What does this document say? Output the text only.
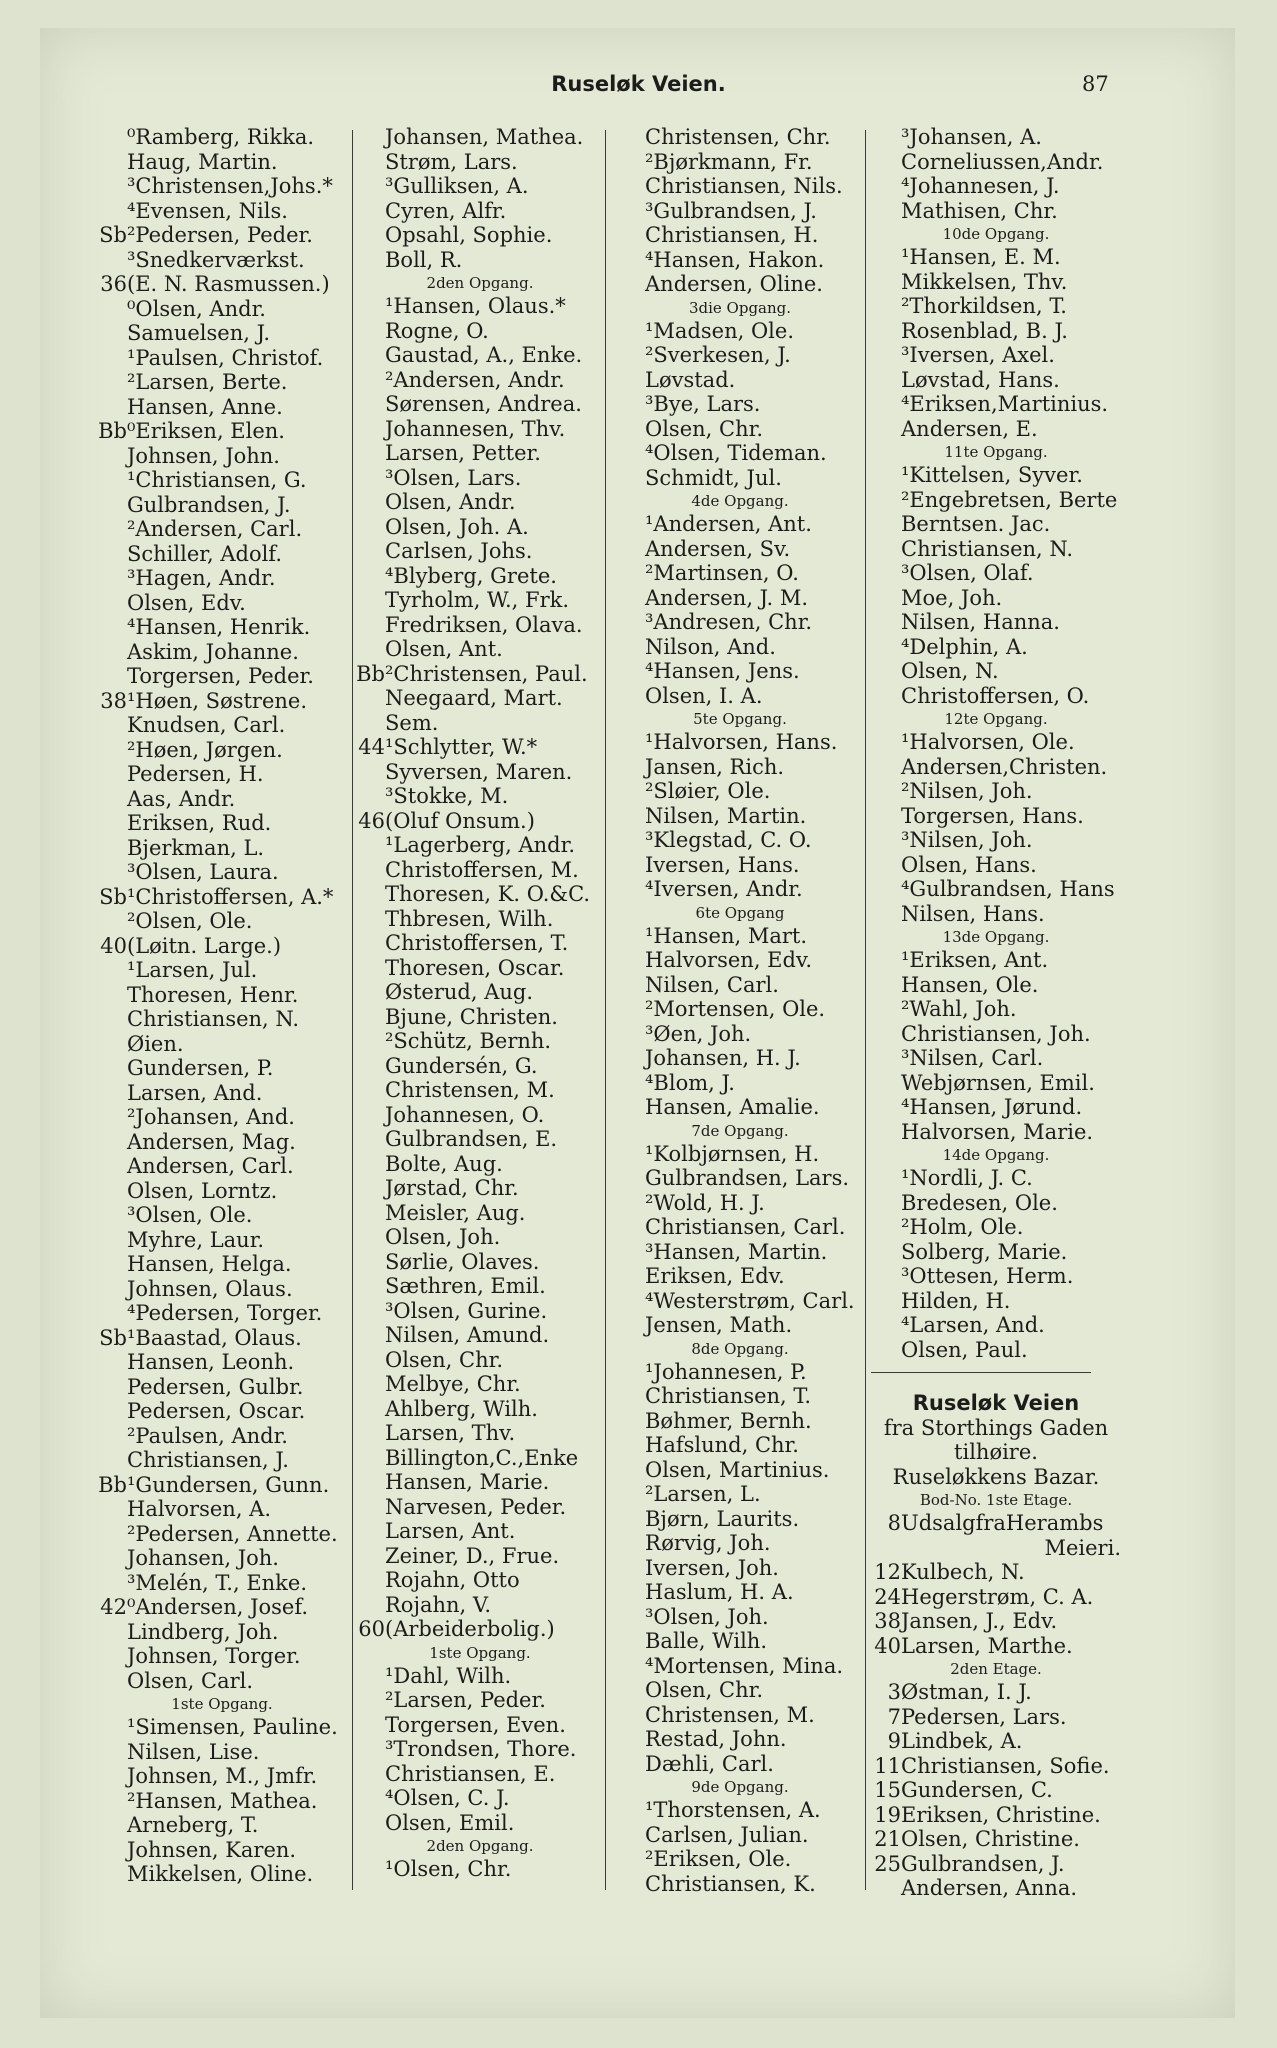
Ruseløk Veien.	87
⁰Ramberg, Rikka.
Haug, Martin.
³Christensen,Johs.*
⁴Evensen, Nils.
Sb²Pedersen, Peder.
³Snedkerværkst.
36(E. N. Rasmussen.)
⁰Olsen, Andr.
Samuelsen, J.
¹Paulsen, Christof.
²Larsen, Berte.
Hansen, Anne.
Bb⁰Eriksen, Elen.
Johnsen, John.
¹Christiansen, G.
Gulbrandsen, J.
²Andersen, Carl.
Schiller, Adolf.
³Hagen, Andr.
Olsen, Edv.
⁴Hansen, Henrik.
Askim, Johanne.
Torgersen, Peder.
38¹Høen, Søstrene.
Knudsen, Carl.
²Høen, Jørgen.
Pedersen, H.
Aas, Andr.
Eriksen, Rud.
Bjerkman, L.
³Olsen, Laura.
Sb¹Christoffersen, A.*
²Olsen, Ole.
40(Løitn. Large.)
¹Larsen, Jul.
Thoresen, Henr.
Christiansen, N.
Øien.
Gundersen, P.
Larsen, And.
²Johansen, And.
Andersen, Mag.
Andersen, Carl.
Olsen, Lorntz.
³Olsen, Ole.
Myhre, Laur.
Hansen, Helga.
Johnsen, Olaus.
⁴Pedersen, Torger.
Sb¹Baastad, Olaus.
Hansen, Leonh.
Pedersen, Gulbr.
Pedersen, Oscar.
²Paulsen, Andr.
Christiansen, J.
Bb¹Gundersen, Gunn.
Halvorsen, A.
²Pedersen, Annette.
Johansen, Joh.
³Melén, T., Enke.
42⁰Andersen, Josef.
Lindberg, Joh.
Johnsen, Torger.
Olsen, Carl.
1ste Opgang.
¹Simensen, Pauline.
Nilsen, Lise.
Johnsen, M., Jmfr.
²Hansen, Mathea.
Arneberg, T.
Johnsen, Karen.
Mikkelsen, Oline.
Johansen, Mathea.
Strøm, Lars.
³Gulliksen, A.
Cyren, Alfr.
Opsahl, Sophie.
Boll, R.
2den Opgang.
¹Hansen, Olaus.*
Rogne, O.
Gaustad, A., Enke.
²Andersen, Andr.
Sørensen, Andrea.
Johannesen, Thv.
Larsen, Petter.
³Olsen, Lars.
Olsen, Andr.
Olsen, Joh. A.
Carlsen, Johs.
⁴Blyberg, Grete.
Tyrholm, W., Frk.
Fredriksen, Olava.
Olsen, Ant.
Bb²Christensen, Paul.
Neegaard, Mart.
Sem.
44¹Schlytter, W.*
Syversen, Maren.
³Stokke, M.
46(Oluf Onsum.)
¹Lagerberg, Andr.
Christoffersen, M.
Thoresen, K. O.&C.
Thbresen, Wilh.
Christoffersen, T.
Thoresen, Oscar.
Østerud, Aug.
Bjune, Christen.
²Schütz, Bernh.
Gundersén, G.
Christensen, M.
Johannesen, O.
Gulbrandsen, E.
Bolte, Aug.
Jørstad, Chr.
Meisler, Aug.
Olsen, Joh.
Sørlie, Olaves.
Sæthren, Emil.
³Olsen, Gurine.
Nilsen, Amund.
Olsen, Chr.
Melbye, Chr.
Ahlberg, Wilh.
Larsen, Thv.
Billington,C.,Enke
Hansen, Marie.
Narvesen, Peder.
Larsen, Ant.
Zeiner, D., Frue.
Rojahn, Otto
Rojahn, V.
60(Arbeiderbolig.)
1ste Opgang.
¹Dahl, Wilh.
²Larsen, Peder.
Torgersen, Even.
³Trondsen, Thore.
Christiansen, E.
⁴Olsen, C. J.
Olsen, Emil.
2den Opgang.
¹Olsen, Chr.
Christensen, Chr.
²Bjørkmann, Fr.
Christiansen, Nils.
³Gulbrandsen, J.
Christiansen, H.
⁴Hansen, Hakon.
Andersen, Oline.
3die Opgang.
¹Madsen, Ole.
²Sverkesen, J.
Løvstad.
³Bye, Lars.
Olsen, Chr.
⁴Olsen, Tideman.
Schmidt, Jul.
4de Opgang.
¹Andersen, Ant.
Andersen, Sv.
²Martinsen, O.
Andersen, J. M.
³Andresen, Chr.
Nilson, And.
⁴Hansen, Jens.
Olsen, I. A.
5te Opgang.
¹Halvorsen, Hans.
Jansen, Rich.
²Sløier, Ole.
Nilsen, Martin.
³Klegstad, C. O.
Iversen, Hans.
⁴Iversen, Andr.
6te Opgang
¹Hansen, Mart.
Halvorsen, Edv.
Nilsen, Carl.
²Mortensen, Ole.
³Øen, Joh.
Johansen, H. J.
⁴Blom, J.
Hansen, Amalie.
7de Opgang.
¹Kolbjørnsen, H.
Gulbrandsen, Lars.
²Wold, H. J.
Christiansen, Carl.
³Hansen, Martin.
Eriksen, Edv.
⁴Westerstrøm, Carl.
Jensen, Math.
8de Opgang.
¹Johannesen, P.
Christiansen, T.
Bøhmer, Bernh.
Hafslund, Chr.
Olsen, Martinius.
²Larsen, L.
Bjørn, Laurits.
Rørvig, Joh.
Iversen, Joh.
Haslum, H. A.
³Olsen, Joh.
Balle, Wilh.
⁴Mortensen, Mina.
Olsen, Chr.
Christensen, M.
Restad, John.
Dæhli, Carl.
9de Opgang.
¹Thorstensen, A.
Carlsen, Julian.
²Eriksen, Ole.
Christiansen, K.
³Johansen, A.
Corneliussen,Andr.
⁴Johannesen, J.
Mathisen, Chr.
10de Opgang.
¹Hansen, E. M.
Mikkelsen, Thv.
²Thorkildsen, T.
Rosenblad, B. J.
³Iversen, Axel.
Løvstad, Hans.
⁴Eriksen,Martinius.
Andersen, E.
11te Opgang.
¹Kittelsen, Syver.
²Engebretsen, Berte
Berntsen. Jac.
Christiansen, N.
³Olsen, Olaf.
Moe, Joh.
Nilsen, Hanna.
⁴Delphin, A.
Olsen, N.
Christoffersen, O.
12te Opgang.
¹Halvorsen, Ole.
Andersen,Christen.
²Nilsen, Joh.
Torgersen, Hans.
³Nilsen, Joh.
Olsen, Hans.
⁴Gulbrandsen, Hans
Nilsen, Hans.
13de Opgang.
¹Eriksen, Ant.
Hansen, Ole.
²Wahl, Joh.
Christiansen, Joh.
³Nilsen, Carl.
Webjørnsen, Emil.
⁴Hansen, Jørund.
Halvorsen, Marie.
14de Opgang.
¹Nordli, J. C.
Bredesen, Ole.
²Holm, Ole.
Solberg, Marie.
³Ottesen, Herm.
Hilden, H.
⁴Larsen, And.
Olsen, Paul.
Ruseløk Veien
fra Storthings Gaden
tilhøire.
Ruseløkkens Bazar.
Bod-No. 1ste Etage.
8UdsalgfraHerambs
Meieri.
12Kulbech, N.
24Hegerstrøm, C. A.
38Jansen, J., Edv.
40Larsen, Marthe.
2den Etage.
3Østman, I. J.
7Pedersen, Lars.
9Lindbek, A.
11Christiansen, Sofie.
15Gundersen, C.
19Eriksen, Christine.
21Olsen, Christine.
25Gulbrandsen, J.
Andersen, Anna.
